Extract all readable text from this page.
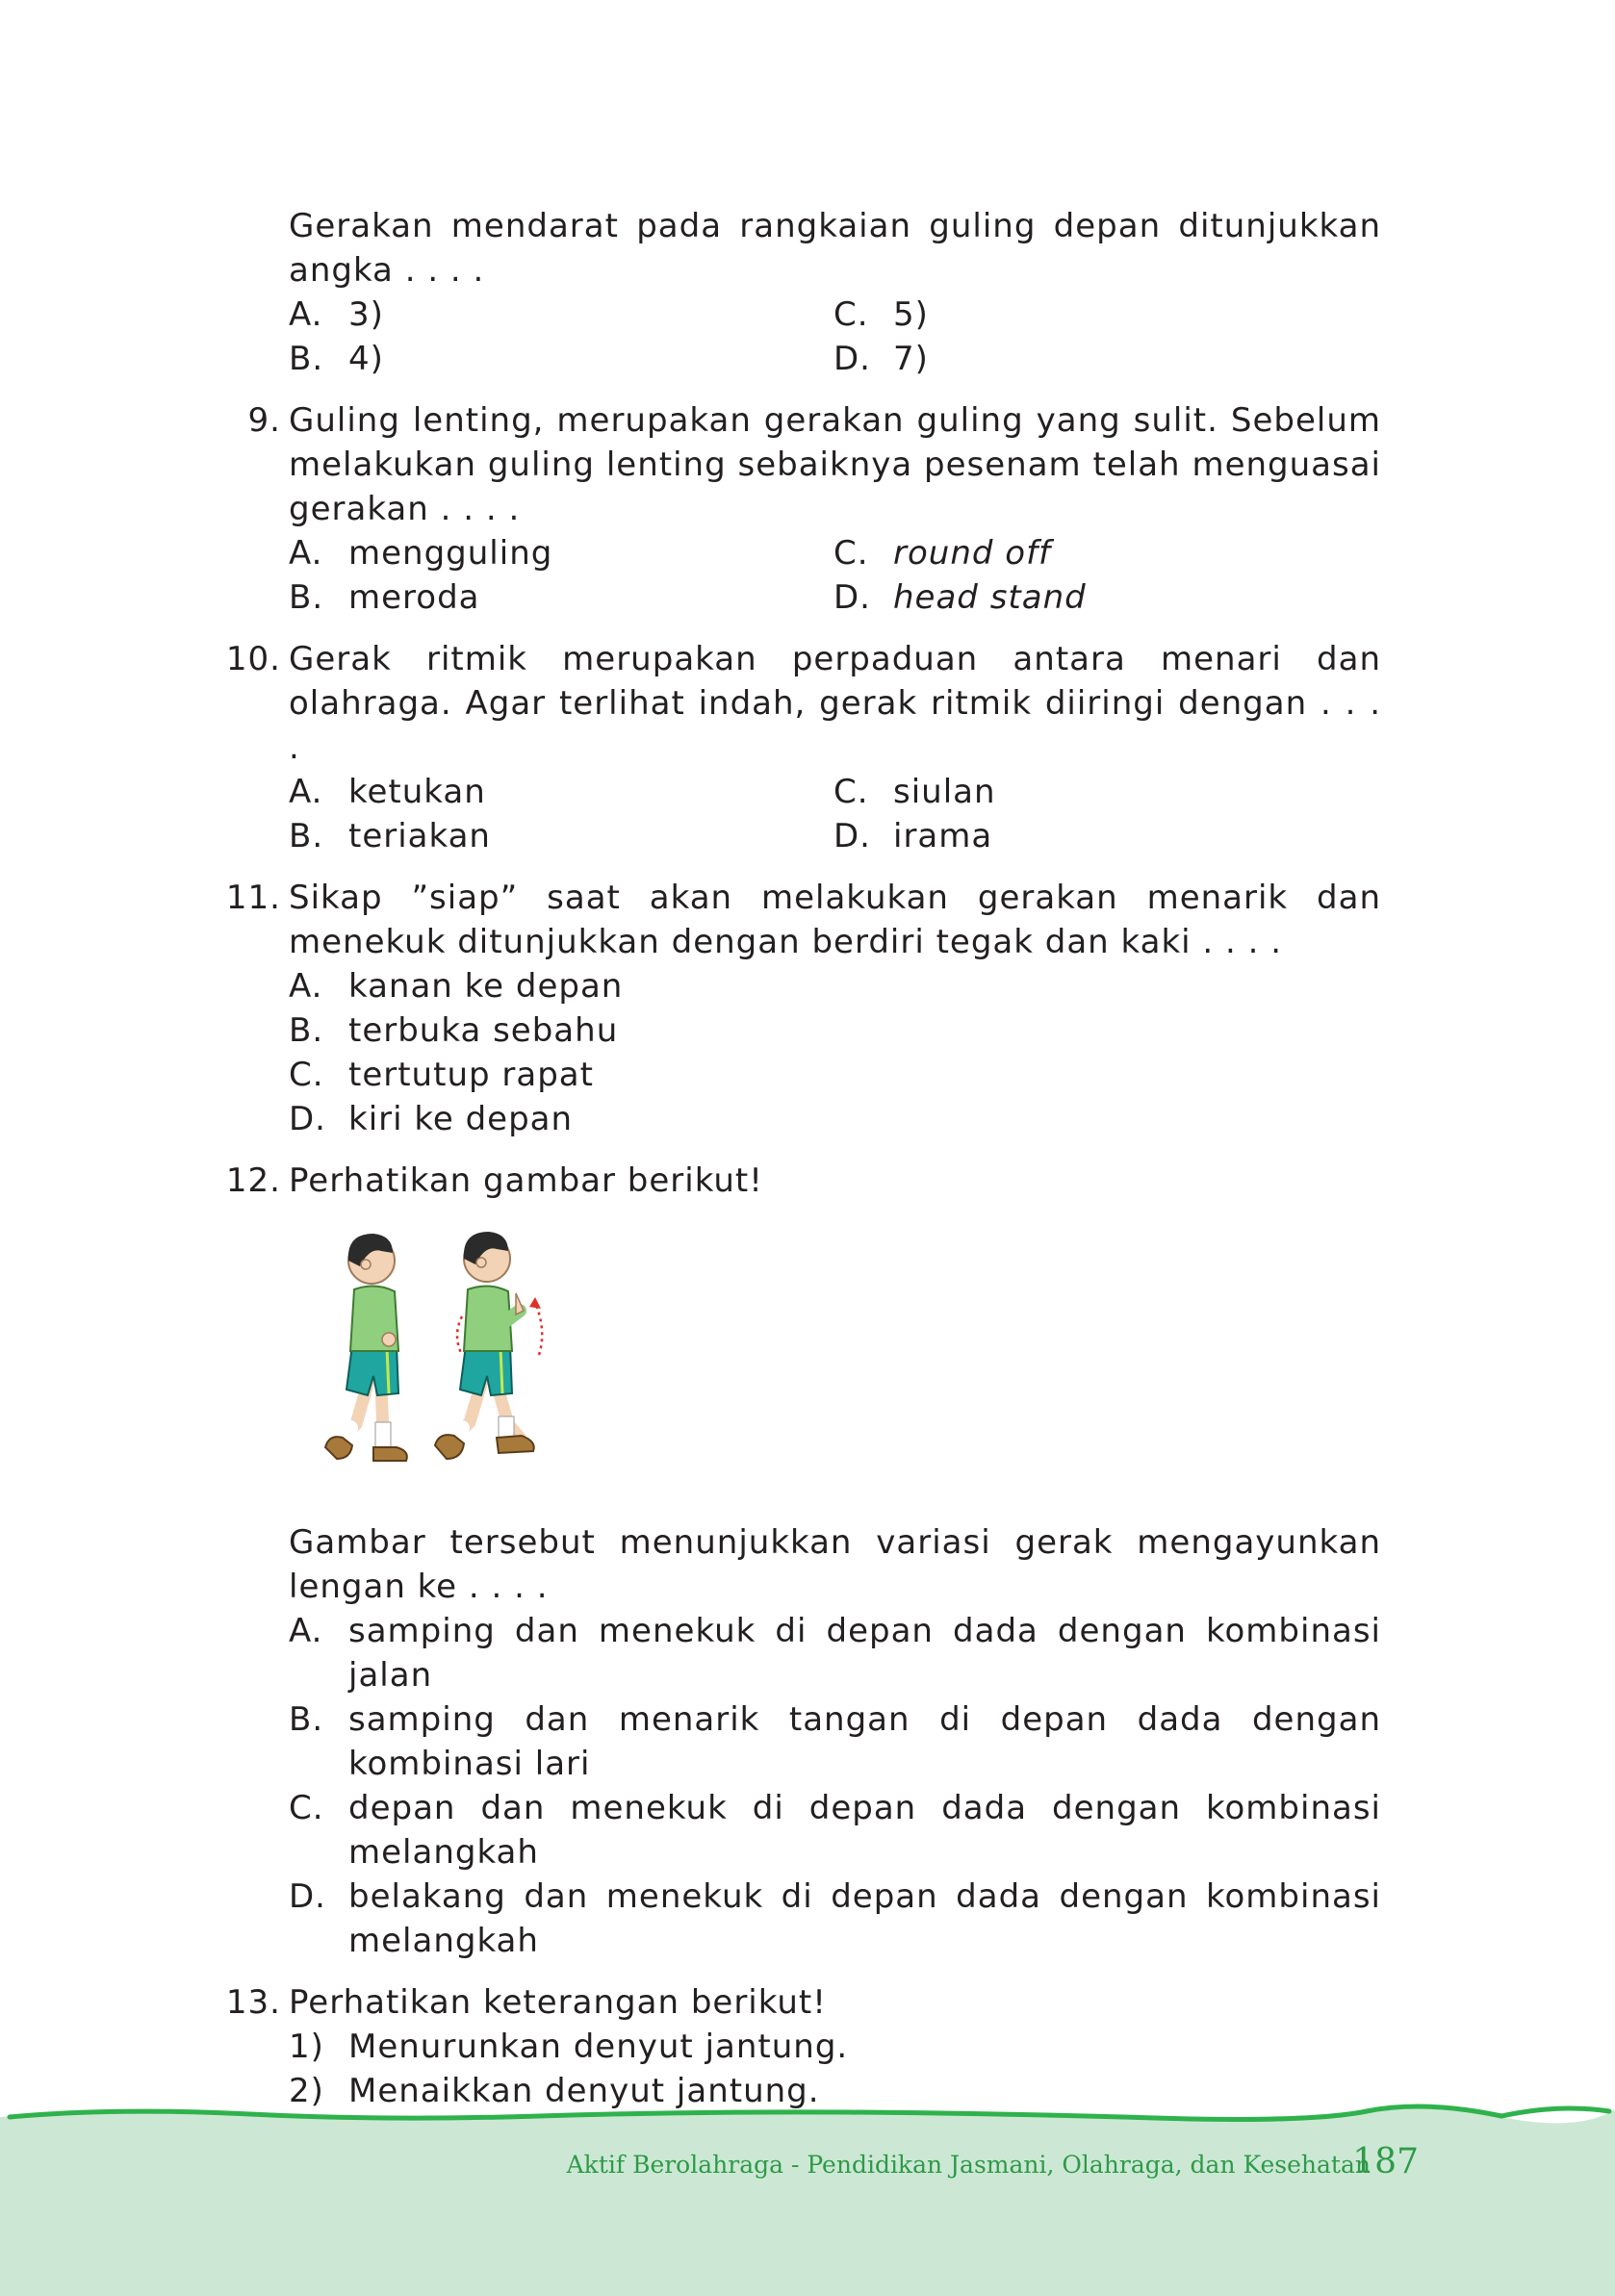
Gerakan mendarat pada rangkaian guling depan ditunjukkan angka . . . .
A. 3)	C. 5)
B. 4)	D. 7)
9. Guling lenting, merupakan gerakan guling yang sulit. Sebelum melakukan guling lenting sebaiknya pesenam telah menguasai gerakan . . . .
A. mengguling	C. round off
B. meroda	D. head stand
10. Gerak ritmik merupakan perpaduan antara menari dan olahraga. Agar terlihat indah, gerak ritmik diiringi dengan . . . .
A. ketukan	C. siulan
B. teriakan	D. irama
11. Sikap ”siap” saat akan melakukan gerakan menarik dan menekuk ditunjukkan dengan berdiri tegak dan kaki . . . .
A. kanan ke depan
B. terbuka sebahu
C. tertutup rapat
D. kiri ke depan
12. Perhatikan gambar berikut!
Gambar tersebut menunjukkan variasi gerak mengayunkan lengan ke . . . .
A. samping dan menekuk di depan dada dengan kombinasi jalan
B. samping dan menarik tangan di depan dada dengan kombinasi lari
C. depan dan menekuk di depan dada dengan kombinasi melangkah
D. belakang dan menekuk di depan dada dengan kombinasi melangkah
13. Perhatikan keterangan berikut!
1) Menurunkan denyut jantung.
2) Menaikkan denyut jantung.
Aktif Berolahraga - Pendidikan Jasmani, Olahraga, dan Kesehatan
187
